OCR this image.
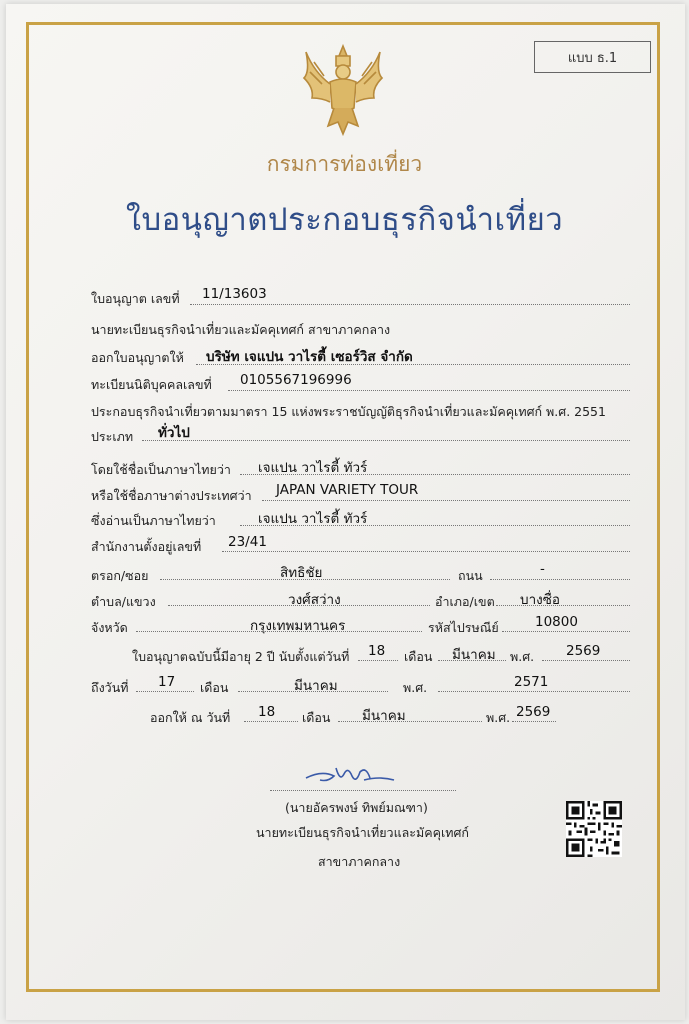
แบบ ธ.1
กรมการท่องเที่ยว
ใบอนุญาตประกอบธุรกิจนำเที่ยว
ใบอนุญาต เลขที่ 11/13603
นายทะเบียนธุรกิจนำเที่ยวและมัคคุเทศก์ สาขาภาคกลาง
ออกใบอนุญาตให้ บริษัท เจแปน วาไรตี้ เซอร์วิส จำกัด
ทะเบียนนิติบุคคลเลขที่ 0105567196996
ประกอบธุรกิจนำเที่ยวตามมาตรา 15 แห่งพระราชบัญญัติธุรกิจนำเที่ยวและมัคคุเทศก์ พ.ศ. 2551
ประเภท ทั่วไป
โดยใช้ชื่อเป็นภาษาไทยว่า เจแปน วาไรตี้ ทัวร์
หรือใช้ชื่อภาษาต่างประเทศว่า JAPAN VARIETY TOUR
ซึ่งอ่านเป็นภาษาไทยว่า	เจแปน วาไรตี้ ทัวร์
สำนักงานตั้งอยู่เลขที่ 23/41
ตรอก/ซอย	สิทธิชัย	ถนน	-
ตำบล/แขวง	วงศ์สว่าง	อำเภอ/เขต บางซื่อ
จังหวัด	กรุงเทพมหานคร	รหัสไปรษณีย์	10800
ใบอนุญาตฉบับนี้มีอายุ 2 ปี นับตั้งแต่วันที่ 18 เดือน มีนาคม พ.ศ. 2569
ถึงวันที่ 17 เดือน	มีนาคม	พ.ศ.	2571
ออกให้ ณ วันที่ 18 เดือน มีนาคม	พ.ศ. 2569
(นายอัครพงษ์ ทิพย์มณฑา)
นายทะเบียนธุรกิจนำเที่ยวและมัคคุเทศก์
สาขาภาคกลาง
